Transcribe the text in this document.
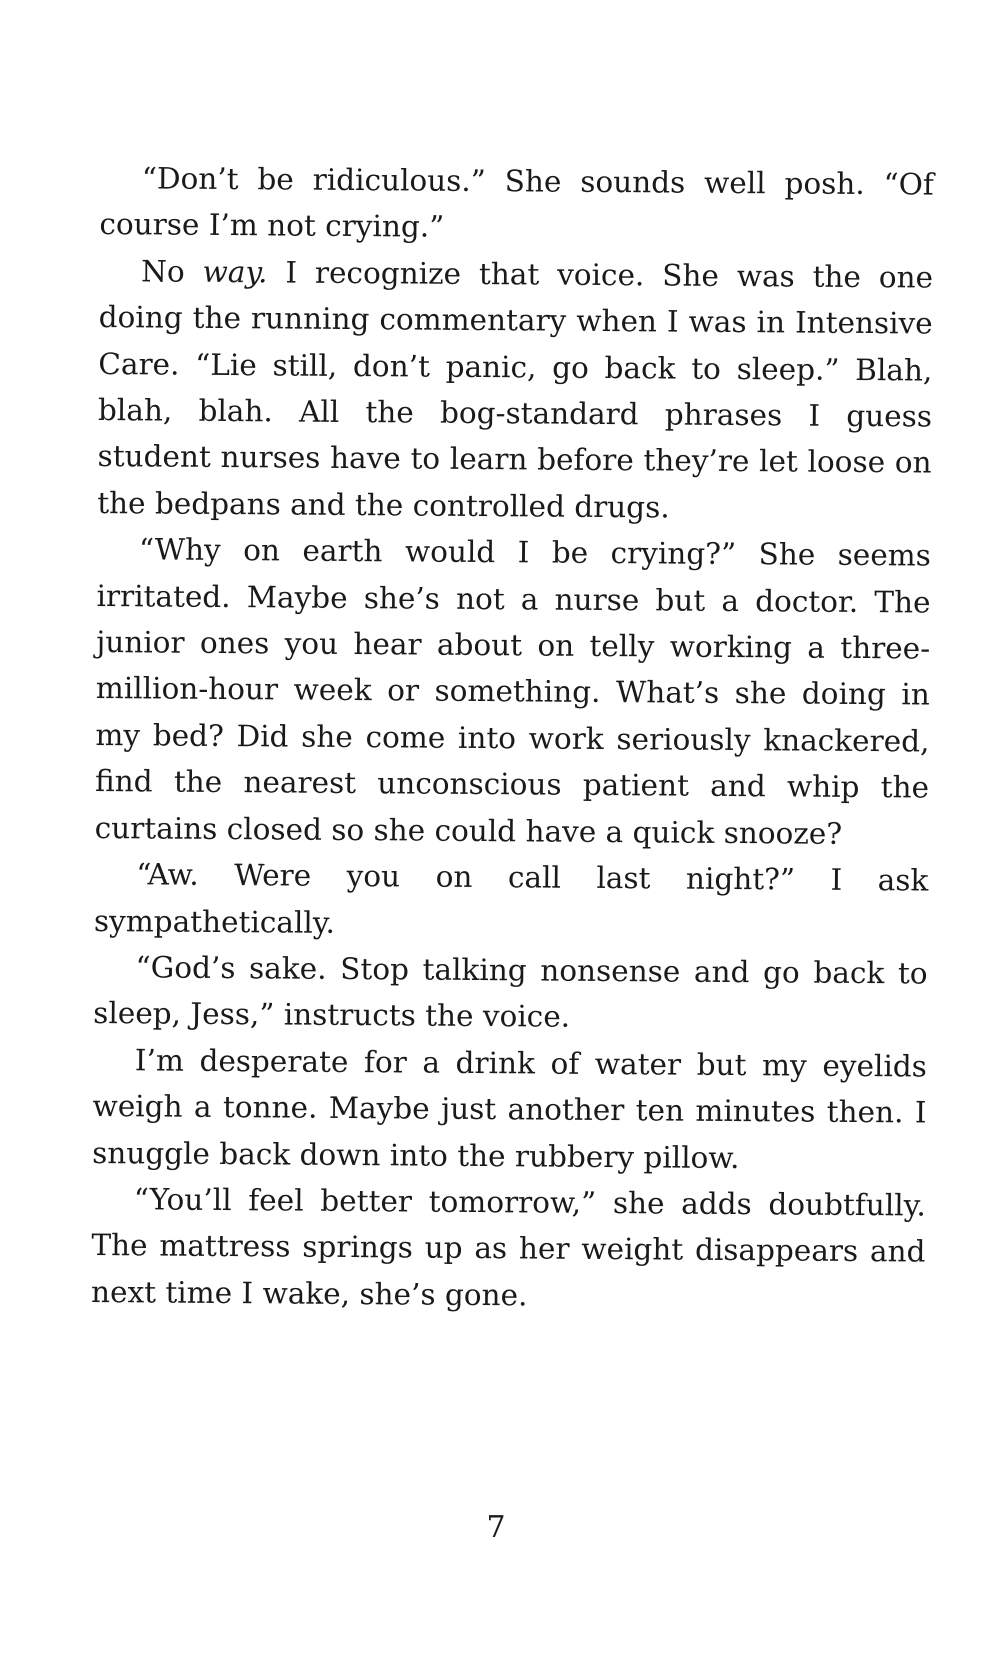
“Don’t be ridiculous.” She sounds well posh. “Of course I’m not crying.”

No way. I recognize that voice. She was the one doing the running commentary when I was in Intensive Care. “Lie still, don’t panic, go back to sleep.” Blah, blah, blah. All the bog-standard phrases I guess student nurses have to learn before they’re let loose on the bedpans and the controlled drugs.

“Why on earth would I be crying?” She seems irritated. Maybe she’s not a nurse but a doctor. The junior ones you hear about on telly working a three-million-hour week or something. What’s she doing in my bed? Did she come into work seriously knackered, find the nearest unconscious patient and whip the curtains closed so she could have a quick snooze?

“Aw. Were you on call last night?” I ask sympathetically.

“God’s sake. Stop talking nonsense and go back to sleep, Jess,” instructs the voice.

I’m desperate for a drink of water but my eyelids weigh a tonne. Maybe just another ten minutes then. I snuggle back down into the rubbery pillow.

“You’ll feel better tomorrow,” she adds doubtfully. The mattress springs up as her weight disappears and next time I wake, she’s gone.

7
